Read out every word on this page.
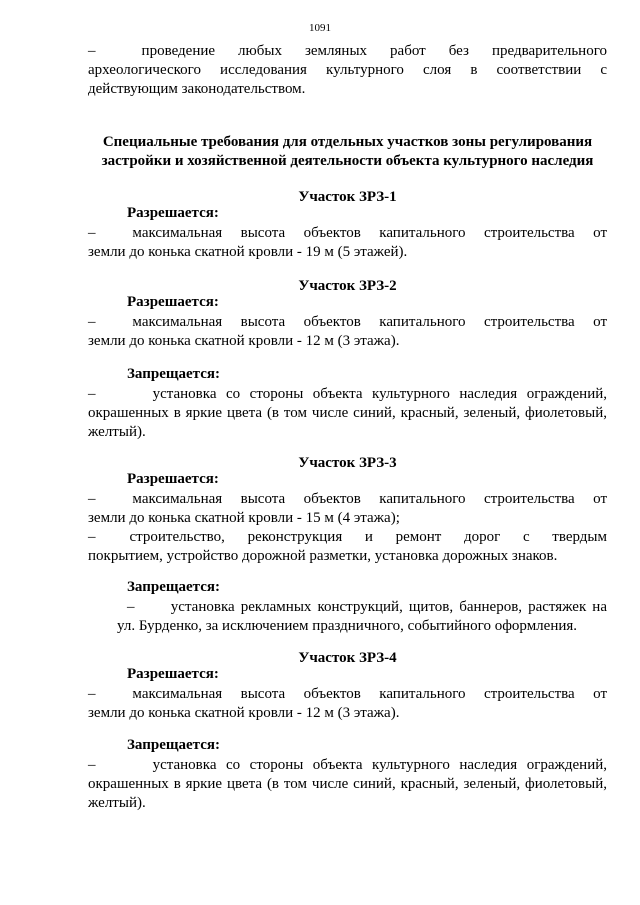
1091
–      проведение   любых   земляных   работ   без   предварительного
археологического    исследования    культурного    слоя    в    соответствии    с
действующим законодательством.
Специальные требования для отдельных участков зоны регулирования
застройки и хозяйственной деятельности объекта культурного наследия
Участок ЗРЗ-1
Разрешается:
–      максимальная   высота   объектов   капитального   строительства   от
земли до конька скатной кровли - 19 м (5 этажей).
Участок ЗРЗ-2
Разрешается:
–      максимальная   высота   объектов   капитального   строительства   от
земли до конька скатной кровли - 12 м (3 этажа).
Запрещается:
–      установка со стороны объекта культурного наследия ограждений,
окрашенных в яркие цвета (в том числе синий, красный, зеленый, фиолетовый,
желтый).
Участок ЗРЗ-3
Разрешается:
–      максимальная   высота   объектов   капитального   строительства   от
земли до конька скатной кровли - 15 м (4 этажа);
–      строительство,    реконструкция    и    ремонт    дорог    с    твердым
покрытием, устройство дорожной разметки, установка дорожных знаков.
Запрещается:
–      установка рекламных конструкций, щитов, баннеров, растяжек на
ул. Бурденко, за исключением праздничного, событийного оформления.
Участок ЗРЗ-4
Разрешается:
–      максимальная   высота   объектов   капитального   строительства   от
земли до конька скатной кровли - 12 м (3 этажа).
Запрещается:
–      установка со стороны объекта культурного наследия ограждений,
окрашенных в яркие цвета (в том числе синий, красный, зеленый, фиолетовый,
желтый).
